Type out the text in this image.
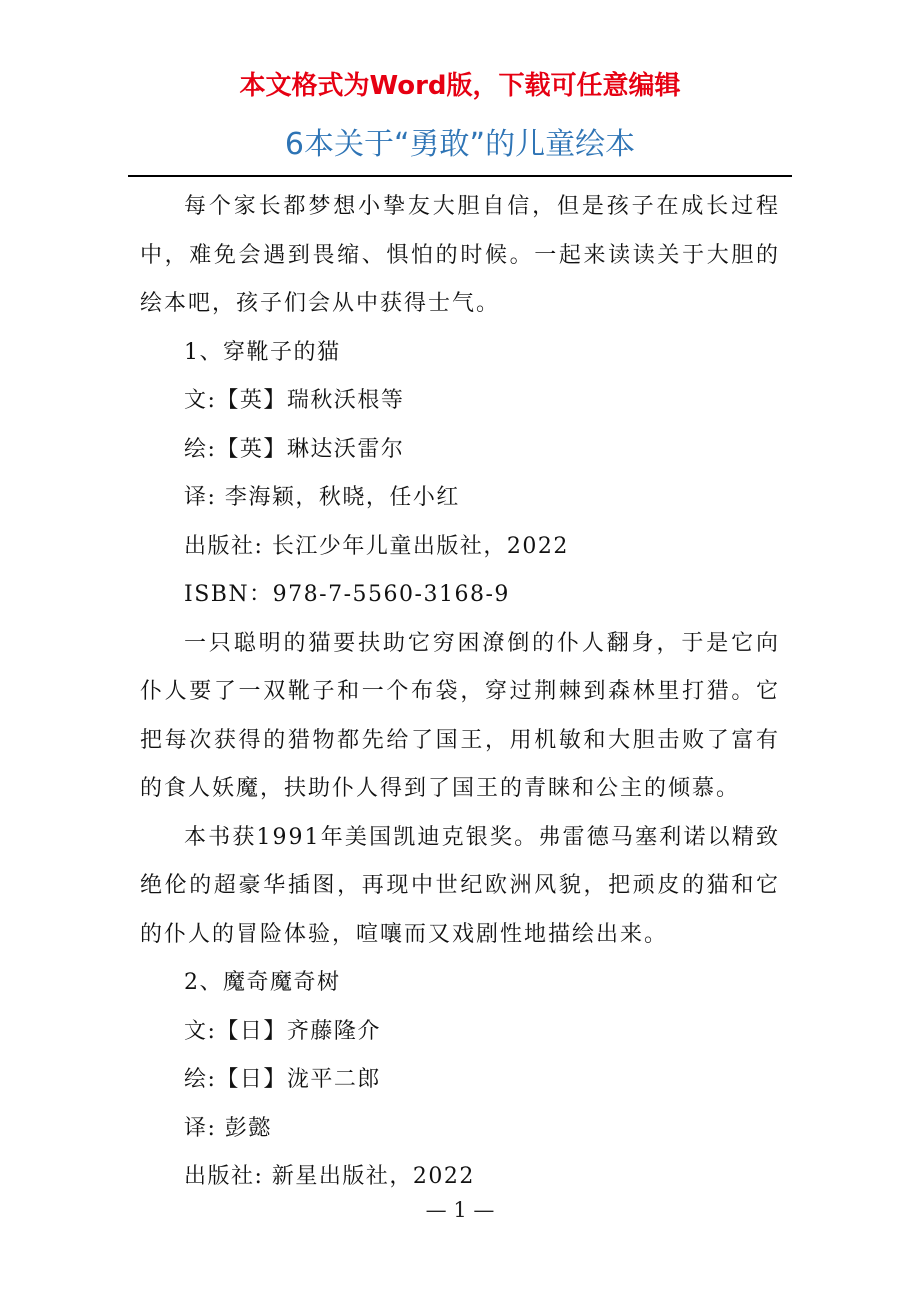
本文格式为Word版，下载可任意编辑
6本关于“勇敢”的儿童绘本

每个家长都梦想小挚友大胆自信，但是孩子在成长过程中，难免会遇到畏缩、惧怕的时候。一起来读读关于大胆的绘本吧，孩子们会从中获得士气。

1、穿靴子的猫

文:【英】瑞秋沃根等

绘:【英】琳达沃雷尔

译: 李海颖，秋晓，任小红

出版社: 长江少年儿童出版社，2022

ISBN：978-7-5560-3168-9

一只聪明的猫要扶助它穷困潦倒的仆人翻身，于是它向仆人要了一双靴子和一个布袋，穿过荆棘到森林里打猎。它把每次获得的猎物都先给了国王，用机敏和大胆击败了富有的食人妖魔，扶助仆人得到了国王的青睐和公主的倾慕。

本书获1991年美国凯迪克银奖。弗雷德马塞利诺以精致绝伦的超豪华插图，再现中世纪欧洲风貌，把顽皮的猫和它的仆人的冒险体验，喧嚷而又戏剧性地描绘出来。

2、魔奇魔奇树

文:【日】齐藤隆介

绘:【日】泷平二郎

译: 彭懿

出版社: 新星出版社，2022

— 1 —
